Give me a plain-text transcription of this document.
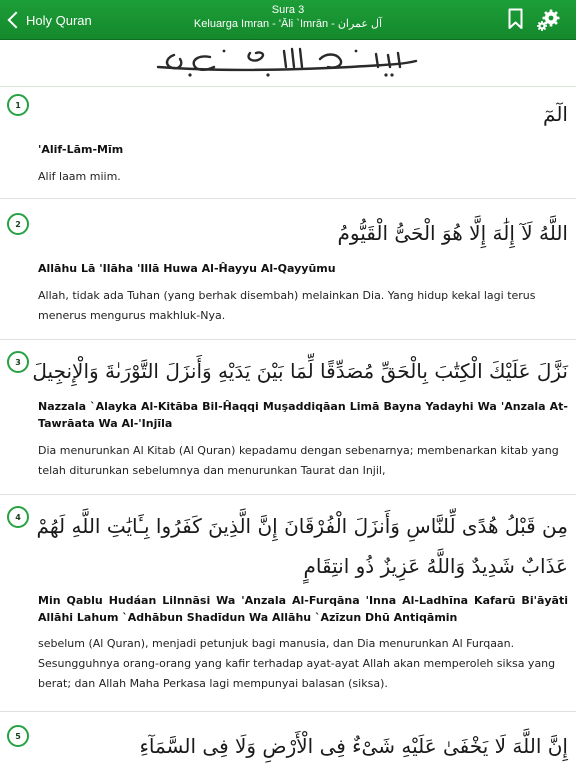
Holy Quran
Sura 3
Keluarga Imran - 'Āli `Imrān - آل عمران
1	الٓمٓ
'Alif-Lām-Mīm
Alif laam miim.
2	اللَّهُ لَآ إِلَٰهَ إِلَّا هُوَ الْحَىُّ الْقَيُّومُ
Allāhu Lā 'Ilāha 'Illā Huwa Al-Ĥayyu Al-Qayyūmu
Allah, tidak ada Tuhan (yang berhak disembah) melainkan Dia. Yang hidup kekal lagi terus menerus mengurus makhluk-Nya.
3 نَزَّلَ عَلَيْكَ الْكِتَٰبَ بِالْحَقِّ مُصَدِّقًا لِّمَا بَيْنَ يَدَيْهِ وَأَنزَلَ التَّوْرَىٰةَ وَالْإِنجِيلَ
Nazzala `Alayka Al-Kitāba Bil-Ĥaqqi Muşaddiqāan Limā Bayna Yadayhi Wa 'Anzala At-Tawrāata Wa Al-'Injīla
Dia menurunkan Al Kitab (Al Quran) kepadamu dengan sebenarnya; membenarkan kitab yang telah diturunkan sebelumnya dan menurunkan Taurat dan Injil,
4 مِن قَبْلُ هُدًى لِّلنَّاسِ وَأَنزَلَ الْفُرْقَانَ إِنَّ الَّذِينَ كَفَرُوا بِـَٔايَٰتِ اللَّهِ لَهُمْ عَذَابٌ شَدِيدٌ وَاللَّهُ عَزِيزٌ ذُو انتِقَامٍ
Min Qablu Hudáan Lilnnāsi Wa 'Anzala Al-Furqāna 'Inna Al-Ladhīna Kafarū Bi'āyāti Allāhi Lahum `Adhābun Shadīdun Wa Allāhu `Azīzun Dhū Antiqāmin
sebelum (Al Quran), menjadi petunjuk bagi manusia, dan Dia menurunkan Al Furqaan. Sesungguhnya orang-orang yang kafir terhadap ayat-ayat Allah akan memperoleh siksa yang berat; dan Allah Maha Perkasa lagi mempunyai balasan (siksa).
5	إِنَّ اللَّهَ لَا يَخْفَىٰ عَلَيْهِ شَىْءٌ فِى الْأَرْضِ وَلَا فِى السَّمَآءِ
